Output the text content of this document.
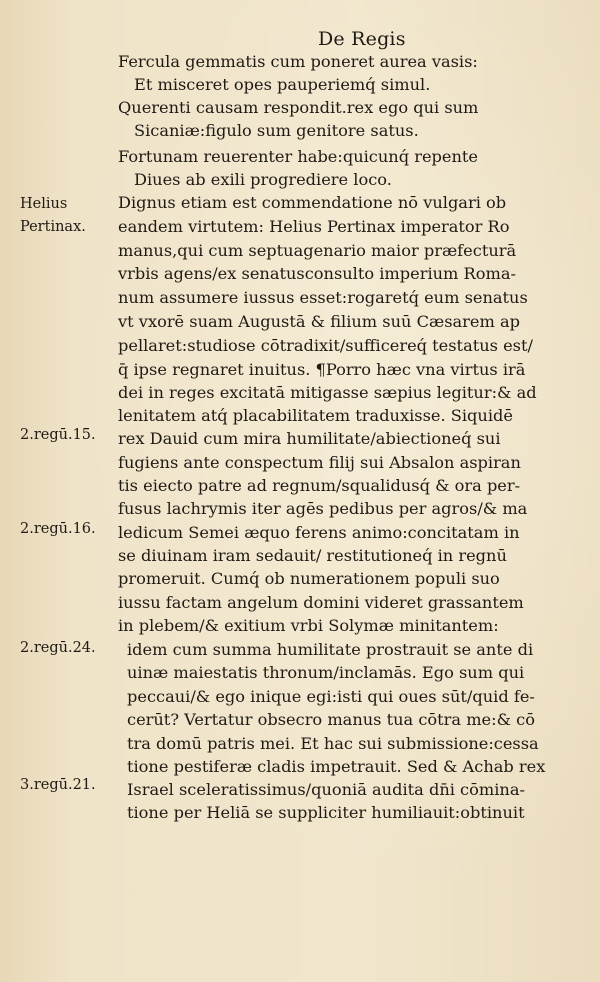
De Regis
Fercula gemmatis cum poneret aurea vasis:
Et misceret opes pauperiemq́ simul.
Querenti causam respondit.rex ego qui sum
Sicaniæ:figulo sum genitore satus.
Fortunam reuerenter habe:quicunq́ repente
Diues ab exili progrediere loco.
Dignus etiam est commendatione nō vulgari ob
eandem virtutem: Helius Pertinax imperator Ro
manus,qui cum septuagenario maior præfecturā
vrbis agens/ex senatusconsulto imperium Roma-
num assumere iussus esset:rogaretq́ eum senatus
vt vxorē suam Augustā & filium suū Cæsarem ap
pellaret:studiose cōtradixit/sufficereq́ testatus est/
q̄ ipse regnaret inuitus. ¶Porro hæc vna virtus irā
dei in reges excitatā mitigasse sæpius legitur:& ad
lenitatem atq́ placabilitatem traduxisse. Siquidē
rex Dauid cum mira humilitate/abiectioneq́ sui
fugiens ante conspectum filij sui Absalon aspiran
tis eiecto patre ad regnum/squalidusq́ & ora per-
fusus lachrymis iter agēs pedibus per agros/& ma
ledicum Semei æquo ferens animo:concitatam in
se diuinam iram sedauit/ restitutioneq́ in regnū
promeruit. Cumq́ ob numerationem populi suo
iussu factam angelum domini videret grassantem
in plebem/& exitium vrbi Solymæ minitantem:
idem cum summa humilitate prostrauit se ante di
uinæ maiestatis thronum/inclamās. Ego sum qui
peccaui/& ego inique egi:isti qui oues sūt/quid fe-
cerūt? Vertatur obsecro manus tua cōtra me:& cō
tra domū patris mei. Et hac sui submissione:cessa
tione pestiferæ cladis impetrauit. Sed & Achab rex
Israel sceleratissimus/quoniā audita dn̄i cōmina-
tione per Heliā se suppliciter humiliauit:obtinuit
Helius
Pertinax.
2.regū.15.
2.regū.16.
2.regū.24.
3.regū.21.
